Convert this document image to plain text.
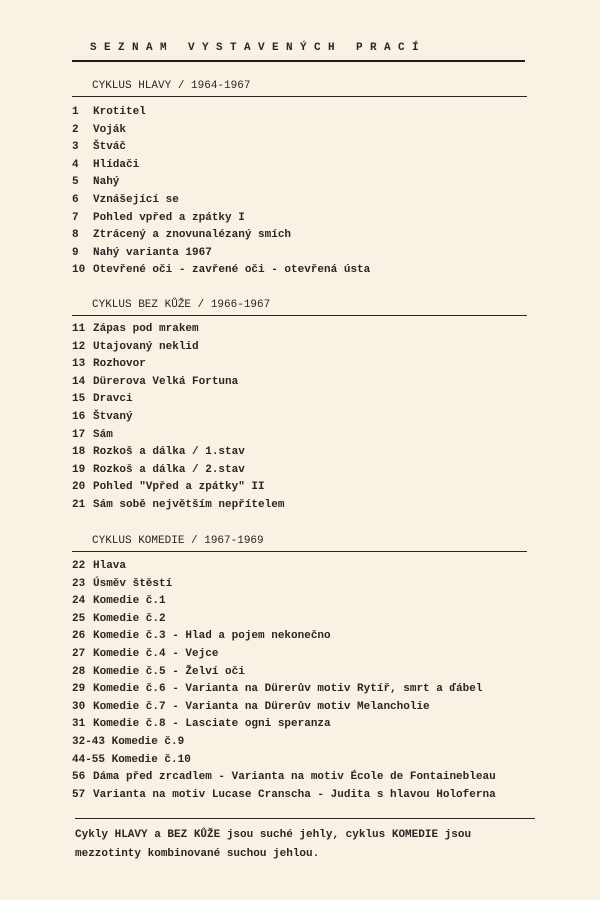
SEZNAM VYSTAVENÝCH PRACÍ
CYKLUS HLAVY / 1964-1967
1 Krotitel
2 Voják
3 Štváč
4 Hlídači
5 Nahý
6 Vznášející se
7 Pohled vpřed a zpátky I
8 Ztrácený a znovunalézaný smích
9 Nahý varianta 1967
10 Otevřené oči - zavřené oči - otevřená ústa
CYKLUS BEZ KŮŽE / 1966-1967
11 Zápas pod mrakem
12 Utajovaný neklid
13 Rozhovor
14 Dürerova Velká Fortuna
15 Dravci
16 Štvaný
17 Sám
18 Rozkoš a dálka / 1.stav
19 Rozkoš a dálka / 2.stav
20 Pohled "Vpřed a zpátky" II
21 Sám sobě největším nepřítelem
CYKLUS KOMEDIE / 1967-1969
22 Hlava
23 Úsměv štěstí
24 Komedie č.1
25 Komedie č.2
26 Komedie č.3 - Hlad a pojem nekonečno
27 Komedie č.4 - Vejce
28 Komedie č.5 - Želví oči
29 Komedie č.6 - Varianta na Dürerův motiv Rytíř, smrt a ďábel
30 Komedie č.7 - Varianta na Dürerův motiv Melancholie
31 Komedie č.8 - Lasciate ogni speranza
32-43 Komedie č.9
44-55 Komedie č.10
56 Dáma před zrcadlem - Varianta na motiv École de Fontainebleau
57 Varianta na motiv Lucase Cranscha - Judita s hlavou Holoferna
Cykly HLAVY a BEZ KŮŽE jsou suché jehly, cyklus KOMEDIE jsou
mezzotinty kombinované suchou jehlou.
